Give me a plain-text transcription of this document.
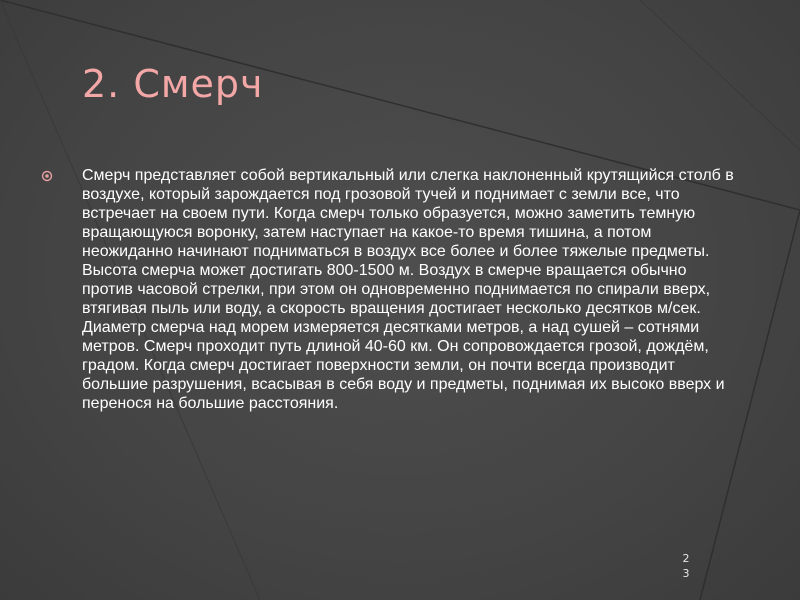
2. Смерч

Смерч представляет собой вертикальный или слегка наклоненный крутящийся столб в воздухе, который зарождается под грозовой тучей и поднимает с земли все, что встречает на своем пути. Когда смерч только образуется, можно заметить темную вращающуюся воронку, затем наступает на какое-то время тишина, а потом неожиданно начинают подниматься в воздух все более и более тяжелые предметы. Высота смерча может достигать 800-1500 м. Воздух в смерче вращается обычно против часовой стрелки, при этом он одновременно поднимается по спирали вверх, втягивая пыль или воду, а скорость вращения достигает несколько десятков м/сек. Диаметр смерча над морем измеряется десятками метров, а над сушей – сотнями метров. Смерч проходит путь длиной 40-60 км. Он сопровождается грозой, дождём, градом. Когда смерч достигает поверхности земли, он почти всегда производит большие разрушения, всасывая в себя воду и предметы, поднимая их высоко вверх и перенося на большие расстояния.

2
3
